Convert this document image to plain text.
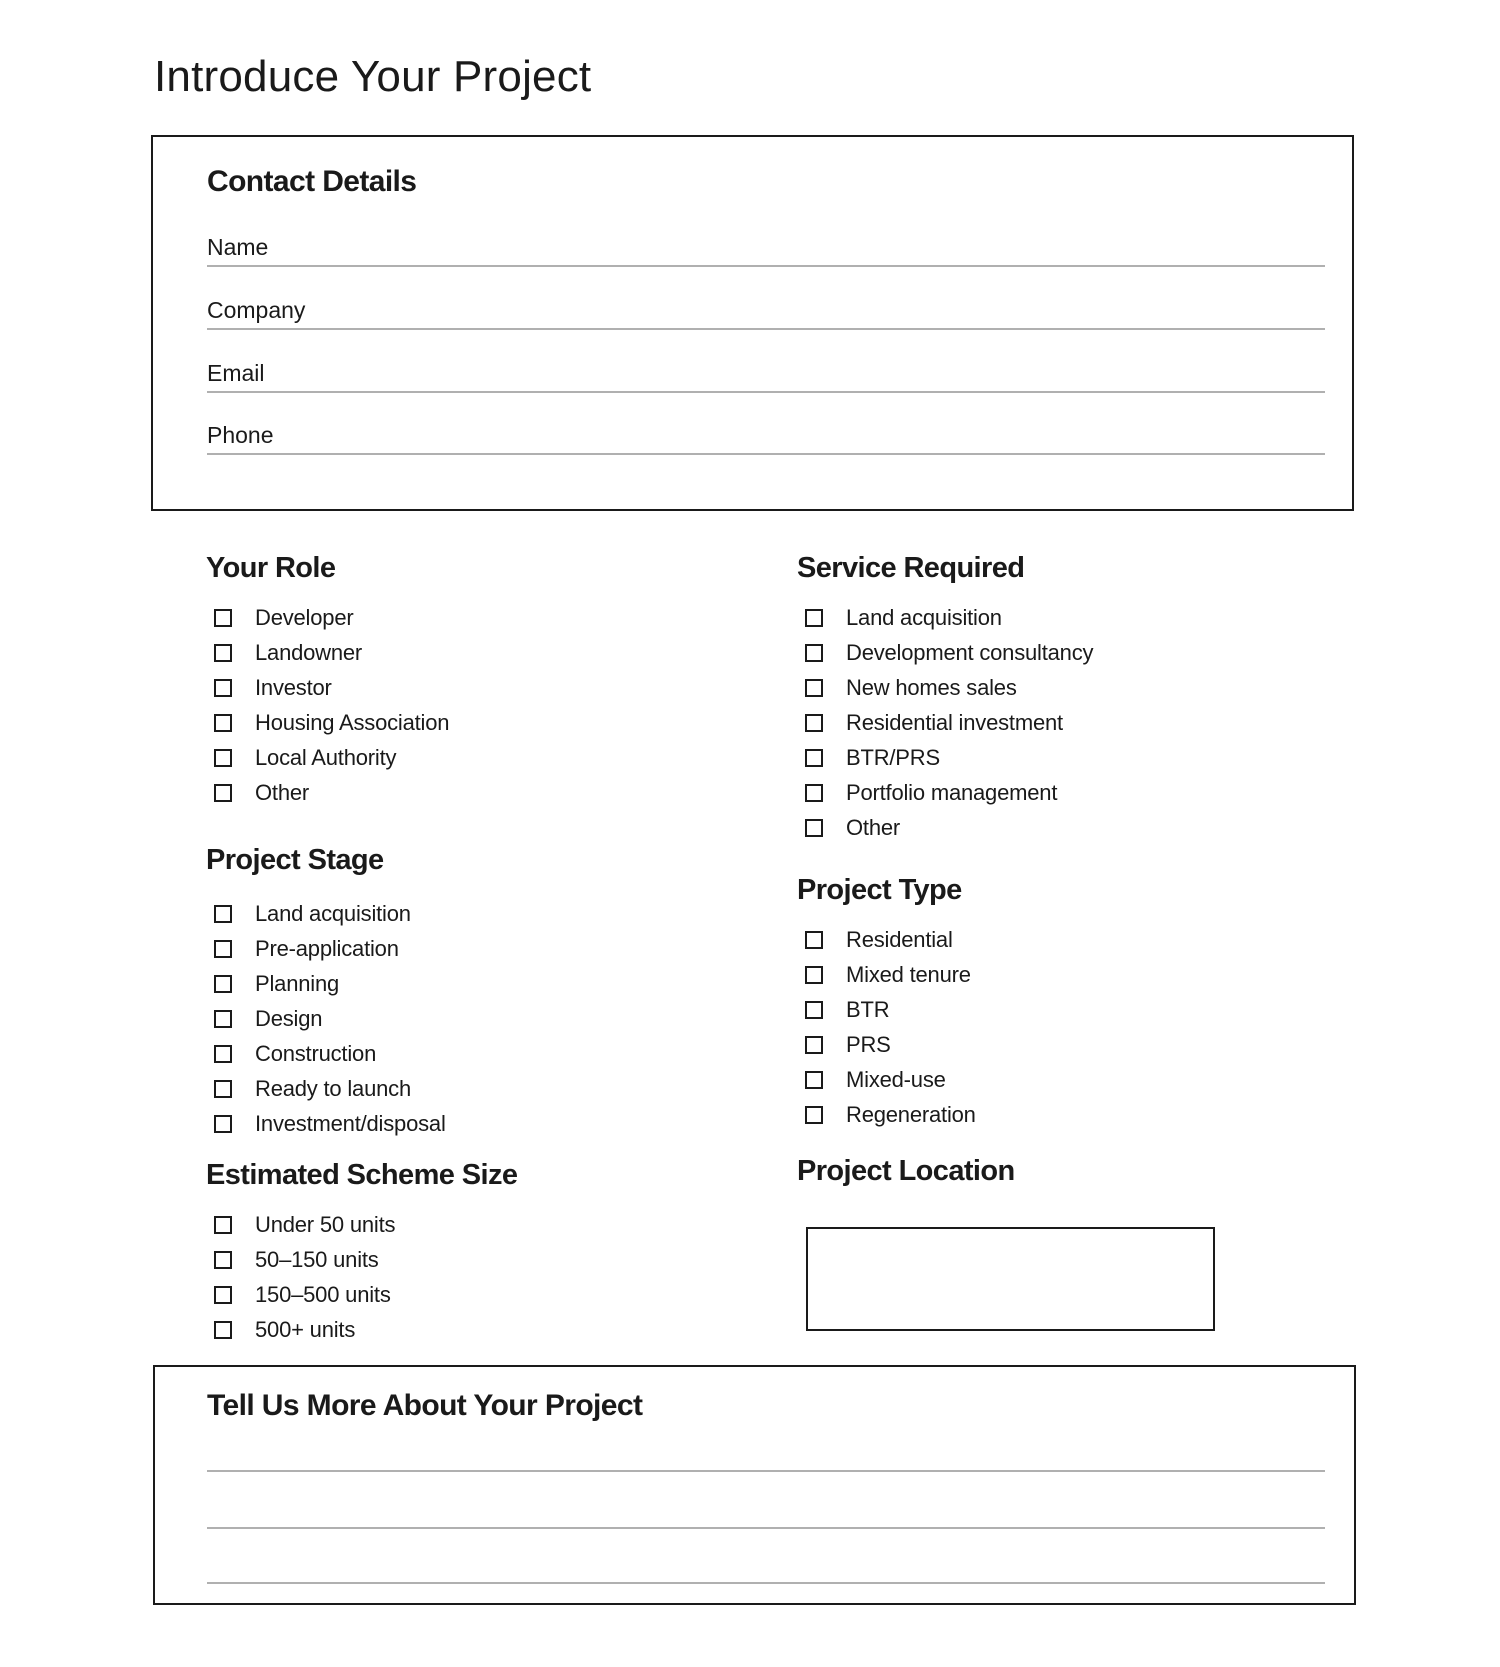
Introduce Your Project
Contact Details
Name
Company
Email
Phone
Your Role
Developer
Landowner
Investor
Housing Association
Local Authority
Other
Project Stage
Land acquisition
Pre-application
Planning
Design
Construction
Ready to launch
Investment/disposal
Estimated Scheme Size
Under 50 units
50–150 units
150–500 units
500+ units
Service Required
Land acquisition
Development consultancy
New homes sales
Residential investment
BTR/PRS
Portfolio management
Other
Project Type
Residential
Mixed tenure
BTR
PRS
Mixed-use
Regeneration
Project Location
Tell Us More About Your Project
